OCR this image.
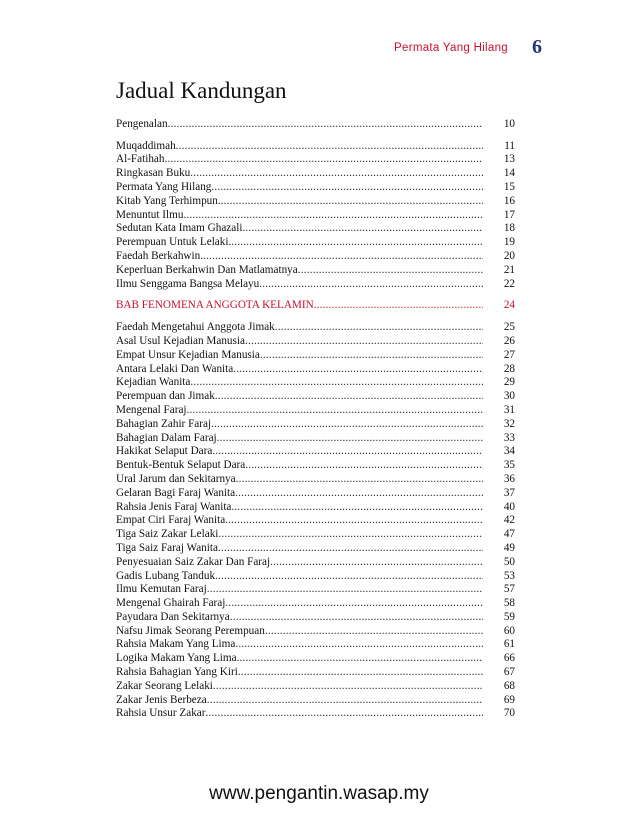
Permata Yang Hilang 6
Jadual Kandungan
Pengenalan .....	10
Muqaddimah .....	11
Al-Fatihah .....	13
Ringkasan Buku .....	14
Permata Yang Hilang .....	15
Kitab Yang Terhimpun. .....	16
Menuntut Ilmu .....	17
Sedutan Kata Imam Ghazali .....	18
Perempuan Untuk Lelaki. .....	19
Faedah Berkahwin. .....	20
Keperluan Berkahwin Dan Matlamatnya .....	21
Ilmu Senggama Bangsa Melayu .....	22
BAB FENOMENA ANGGOTA KELAMIN .....	24
Faedah Mengetahui Anggota Jimak .....	25
Asal Usul Kejadian Manusia .....	26
Empat Unsur Kejadian Manusia .....	27
Antara Lelaki Dan Wanita .....	28
Kejadian Wanita .....	29
Perempuan dan Jimak .....	30
Mengenal Faraj .....	31
Bahagian Zahir Faraj .....	32
Bahagian Dalam Faraj .....	33
Hakikat Selaput Dara .....	34
Bentuk-Bentuk Selaput Dara .....	35
Ural Jarum dan Sekitarnya .....	36
Gelaran Bagi Faraj Wanita .....	37
Rahsia Jenis Faraj Wanita .....	40
Empat Ciri Faraj Wanita .....	42
Tiga Saiz Zakar Lelaki .....	47
Tiga Saiz Faraj Wanita .....	49
Penyesuaian Saiz Zakar Dan Faraj .....	50
Gadis Lubang Tanduk .....	53
Ilmu Kemutan Faraj .....	57
Mengenal Ghairah Faraj .....	58
Payudara Dan Sekitarnya .....	59
Nafsu Jimak Seorang Perempuan .....	60
Rahsia Makam Yang Lima .....	61
Logika Makam Yang Lima .....	66
Rahsia Bahagian Yang Kiri .....	67
Zakar Seorang Lelaki .....	68
Zakar Jenis Berbeza .....	69
Rahsia Unsur Zakar .....	70
www.pengantin.wasap.my
